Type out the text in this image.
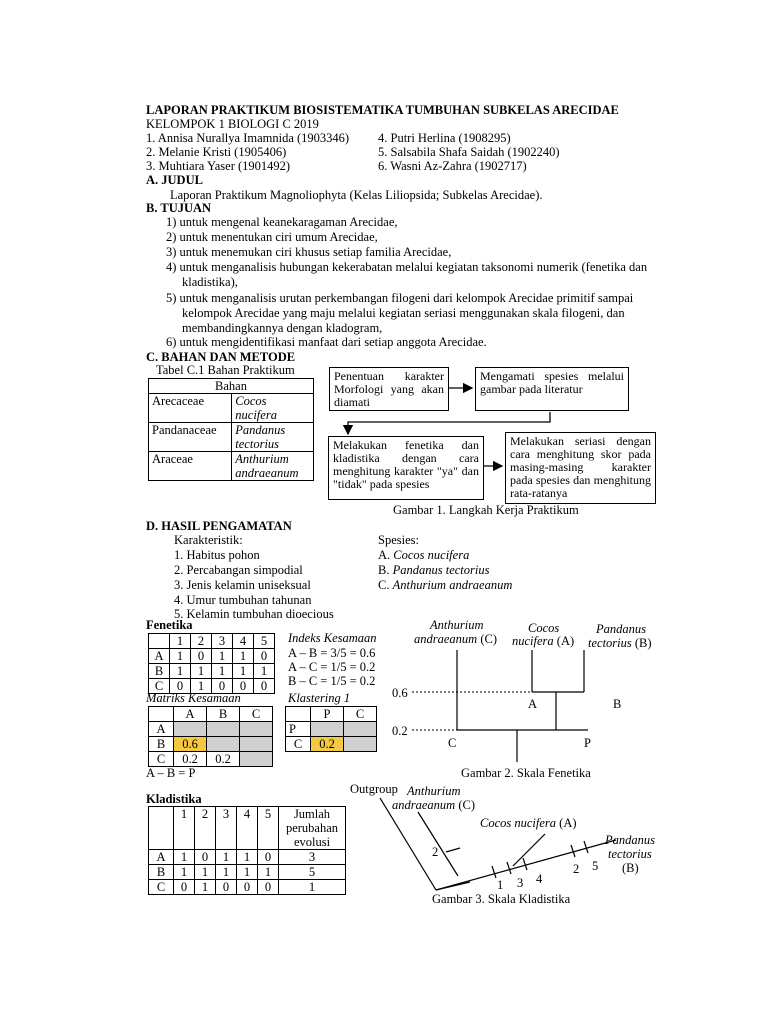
LAPORAN PRAKTIKUM BIOSISTEMATIKA TUMBUHAN SUBKELAS ARECIDAE
KELOMPOK 1 BIOLOGI C 2019
1. Annisa Nurallya Imamnida (1903346)
2. Melanie Kristi (1905406)
3. Muhtiara Yaser (1901492)
4. Putri Herlina (1908295)
5. Salsabila Shafa Saidah (1902240)
6. Wasni Az-Zahra (1902717)
A. JUDUL
Laporan Praktikum Magnoliophyta (Kelas Liliopsida; Subkelas Arecidae).
B. TUJUAN
1) untuk mengenal keanekaragaman Arecidae,
2) untuk menentukan ciri umum Arecidae,
3) untuk menemukan ciri khusus setiap familia Arecidae,
4) untuk menganalisis hubungan kekerabatan melalui kegiatan taksonomi numerik (fenetika dan
kladistika),
5) untuk menganalisis urutan perkembangan filogeni dari kelompok Arecidae primitif sampai
kelompok Arecidae yang maju melalui kegiatan seriasi menggunakan skala filogeni, dan
membandingkannya dengan kladogram,
6) untuk mengidentifikasi manfaat dari setiap anggota Arecidae.
C. BAHAN DAN METODE
Tabel C.1 Bahan Praktikum
Bahan	
Arecaceae	Cocos
nucifera
Pandanaceae	Pandanus
tectorius
Araceae	Anthurium
andraeanum
Penentuan karakter Morfologi yang akan diamati
Mengamati spesies melalui gambar pada literatur
Melakukan fenetika dan kladistika dengan cara menghitung karakter "ya" dan "tidak" pada spesies
Melakukan seriasi dengan cara menghitung skor pada masing-masing karakter pada spesies dan menghitung rata-ratanya
Gambar 1. Langkah Kerja Praktikum
D. HASIL PENGAMATAN
Karakteristik:
1. Habitus pohon
2. Percabangan simpodial
3. Jenis kelamin uniseksual
4. Umur tumbuhan tahunan
5. Kelamin tumbuhan dioecious
Spesies:
A. Cocos nucifera
B. Pandanus tectorius
C. Anthurium andraeanum
Fenetika
	1	2	3	4	5
A	1	0	1	1	0
B	1	1	1	1	1
C	0	1	0	0	0
Indeks Kesamaan
A – B = 3/5 = 0.6
A – C = 1/5 = 0.2
B – C = 1/5 = 0.2
Matriks Kesamaan
	A	B	C
A			
B	0.6		
C	0.2	0.2	
Klastering 1
	P	C
P		
C	0.2	
A – B = P
Anthurium
andraeanum (C)
Cocos
nucifera (A)
Pandanus
tectorius (B)
0.6
0.2
A	B
C	P
Gambar 2. Skala Fenetika
Kladistika
	1	2	3	4	5	Jumlah perubahan evolusi
A	1	0	1	1	0	3
B	1	1	1	1	1	5
C	0	1	0	0	0	1
Outgroup Anthurium
andraeanum (C)
Cocos nucifera (A)
Pandanus
tectorius
(B)
2
1 3 4
2 5
Gambar 3. Skala Kladistika
